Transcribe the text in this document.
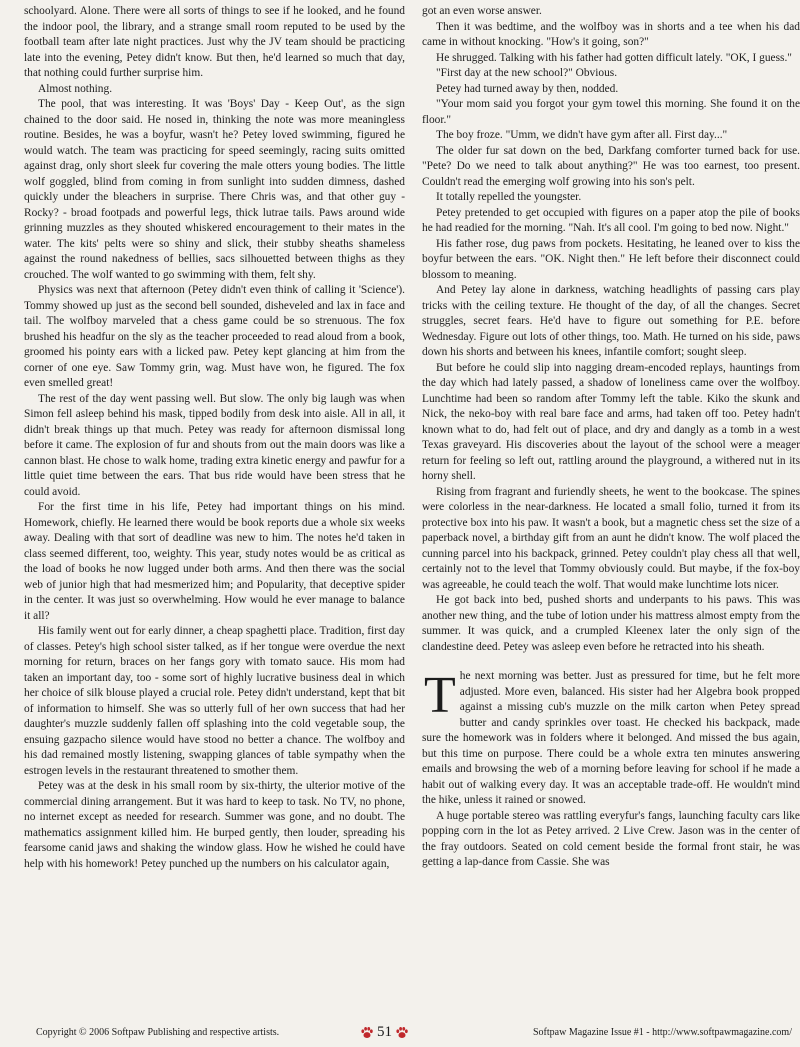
schoolyard. Alone. There were all sorts of things to see if he looked, and he found the indoor pool, the library, and a strange small room reputed to be used by the football team after late night practices. Just why the JV team should be practicing late into the evening, Petey didn't know. But then, he'd learned so much that day, that nothing could further surprise him.

Almost nothing.

The pool, that was interesting. It was 'Boys' Day - Keep Out', as the sign chained to the door said. He nosed in, thinking the note was more meaningless routine. Besides, he was a boyfur, wasn't he? Petey loved swimming, figured he would watch. The team was practicing for speed seemingly, racing suits omitted against drag, only short sleek fur covering the male otters young bodies. The little wolf goggled, blind from coming in from sunlight into sudden dimness, dashed quickly under the bleachers in surprise. There Chris was, and that other guy - Rocky? - broad footpads and powerful legs, thick lutrae tails. Paws around wide grinning muzzles as they shouted whiskered encouragement to their mates in the water. The kits' pelts were so shiny and slick, their stubby sheaths shameless against the round nakedness of bellies, sacs silhouetted between thighs as they crouched. The wolf wanted to go swimming with them, felt shy.

Physics was next that afternoon (Petey didn't even think of calling it 'Science'). Tommy showed up just as the second bell sounded, disheveled and lax in face and tail. The wolfboy marveled that a chess game could be so strenuous. The fox brushed his headfur on the sly as the teacher proceeded to read aloud from a book, groomed his pointy ears with a licked paw. Petey kept glancing at him from the corner of one eye. Saw Tommy grin, wag. Must have won, he figured. The fox even smelled great!

The rest of the day went passing well. But slow. The only big laugh was when Simon fell asleep behind his mask, tipped bodily from desk into aisle. All in all, it didn't break things up that much. Petey was ready for afternoon dismissal long before it came. The explosion of fur and shouts from out the main doors was like a cannon blast. He chose to walk home, trading extra kinetic energy and pawfur for a little quiet time between the ears. That bus ride would have been stress that he could avoid.

For the first time in his life, Petey had important things on his mind. Homework, chiefly. He learned there would be book reports due a whole six weeks away. Dealing with that sort of deadline was new to him. The notes he'd taken in class seemed different, too, weighty. This year, study notes would be as critical as the load of books he now lugged under both arms. And then there was the social web of junior high that had mesmerized him; and Popularity, that deceptive spider in the center. It was just so overwhelming. How would he ever manage to balance it all?

His family went out for early dinner, a cheap spaghetti place. Tradition, first day of classes. Petey's high school sister talked, as if her tongue were overdue the next morning for return, braces on her fangs gory with tomato sauce. His mom had taken an important day, too - some sort of highly lucrative business deal in which her choice of silk blouse played a crucial role. Petey didn't understand, kept that bit of information to himself. She was so utterly full of her own success that had her daughter's muzzle suddenly fallen off splashing into the cold vegetable soup, the ensuing gazpacho silence would have stood no better a chance. The wolfboy and his dad remained mostly listening, swapping glances of table sympathy when the estrogen levels in the restaurant threatened to smother them.

Petey was at the desk in his small room by six-thirty, the ulterior motive of the commercial dining arrangement. But it was hard to keep to task. No TV, no phone, no internet except as needed for research. Summer was gone, and no doubt. The mathematics assignment killed him. He burped gently, then louder, spreading his fearsome canid jaws and shaking the window glass. How he wished he could have help with his homework! Petey punched up the numbers on his calculator again,

got an even worse answer.

Then it was bedtime, and the wolfboy was in shorts and a tee when his dad came in without knocking. "How's it going, son?"

He shrugged. Talking with his father had gotten difficult lately. "OK, I guess."

"First day at the new school?" Obvious.

Petey had turned away by then, nodded.

"Your mom said you forgot your gym towel this morning. She found it on the floor."

The boy froze. "Umm, we didn't have gym after all. First day..."

The older fur sat down on the bed, Darkfang comforter turned back for use. "Pete? Do we need to talk about anything?" He was too earnest, too present. Couldn't read the emerging wolf growing into his son's pelt.

It totally repelled the youngster.

Petey pretended to get occupied with figures on a paper atop the pile of books he had readied for the morning. "Nah. It's all cool. I'm going to bed now. Night."

His father rose, dug paws from pockets. Hesitating, he leaned over to kiss the boyfur between the ears. "OK. Night then." He left before their disconnect could blossom to meaning.

And Petey lay alone in darkness, watching headlights of passing cars play tricks with the ceiling texture. He thought of the day, of all the changes. Secret struggles, secret fears. He'd have to figure out something for P.E. before Wednesday. Figure out lots of other things, too. Math. He turned on his side, paws down his shorts and between his knees, infantile comfort; sought sleep.

But before he could slip into nagging dream-encoded replays, hauntings from the day which had lately passed, a shadow of loneliness came over the wolfboy. Lunchtime had been so random after Tommy left the table. Kiko the skunk and Nick, the neko-boy with real bare face and arms, had taken off too. Petey hadn't known what to do, had felt out of place, and dry and dangly as a tomb in a west Texas graveyard. His discoveries about the layout of the school were a meager return for feeling so left out, rattling around the playground, a withered nut in its horny shell.

Rising from fragrant and furiendly sheets, he went to the bookcase. The spines were colorless in the near-darkness. He located a small folio, turned it from its protective box into his paw. It wasn't a book, but a magnetic chess set the size of a paperback novel, a birthday gift from an aunt he didn't know. The wolf placed the cunning parcel into his backpack, grinned. Petey couldn't play chess all that well, certainly not to the level that Tommy obviously could. But maybe, if the fox-boy was agreeable, he could teach the wolf. That would make lunchtime lots nicer.

He got back into bed, pushed shorts and underpants to his paws. This was another new thing, and the tube of lotion under his mattress almost empty from the summer. It was quick, and a crumpled Kleenex later the only sign of the clandestine deed. Petey was asleep even before he retracted into his sheath.

The next morning was better. Just as pressured for time, but he felt more adjusted. More even, balanced. His sister had her Algebra book propped against a missing cub's muzzle on the milk carton when Petey spread butter and candy sprinkles over toast. He checked his backpack, made sure the homework was in folders where it belonged. And missed the bus again, but this time on purpose. There could be a whole extra ten minutes answering emails and browsing the web of a morning before leaving for school if he made a habit out of walking every day. It was an acceptable trade-off. He wouldn't mind the hike, unless it rained or snowed.

A huge portable stereo was rattling everyfur's fangs, launching faculty cars like popping corn in the lot as Petey arrived. 2 Live Crew. Jason was in the center of the fray outdoors. Seated on cold cement beside the formal front stair, he was getting a lap-dance from Cassie. She was

Copyright © 2006 Softpaw Publishing and respective artists.	51	Softpaw Magazine Issue #1 - http://www.softpawmagazine.com/
